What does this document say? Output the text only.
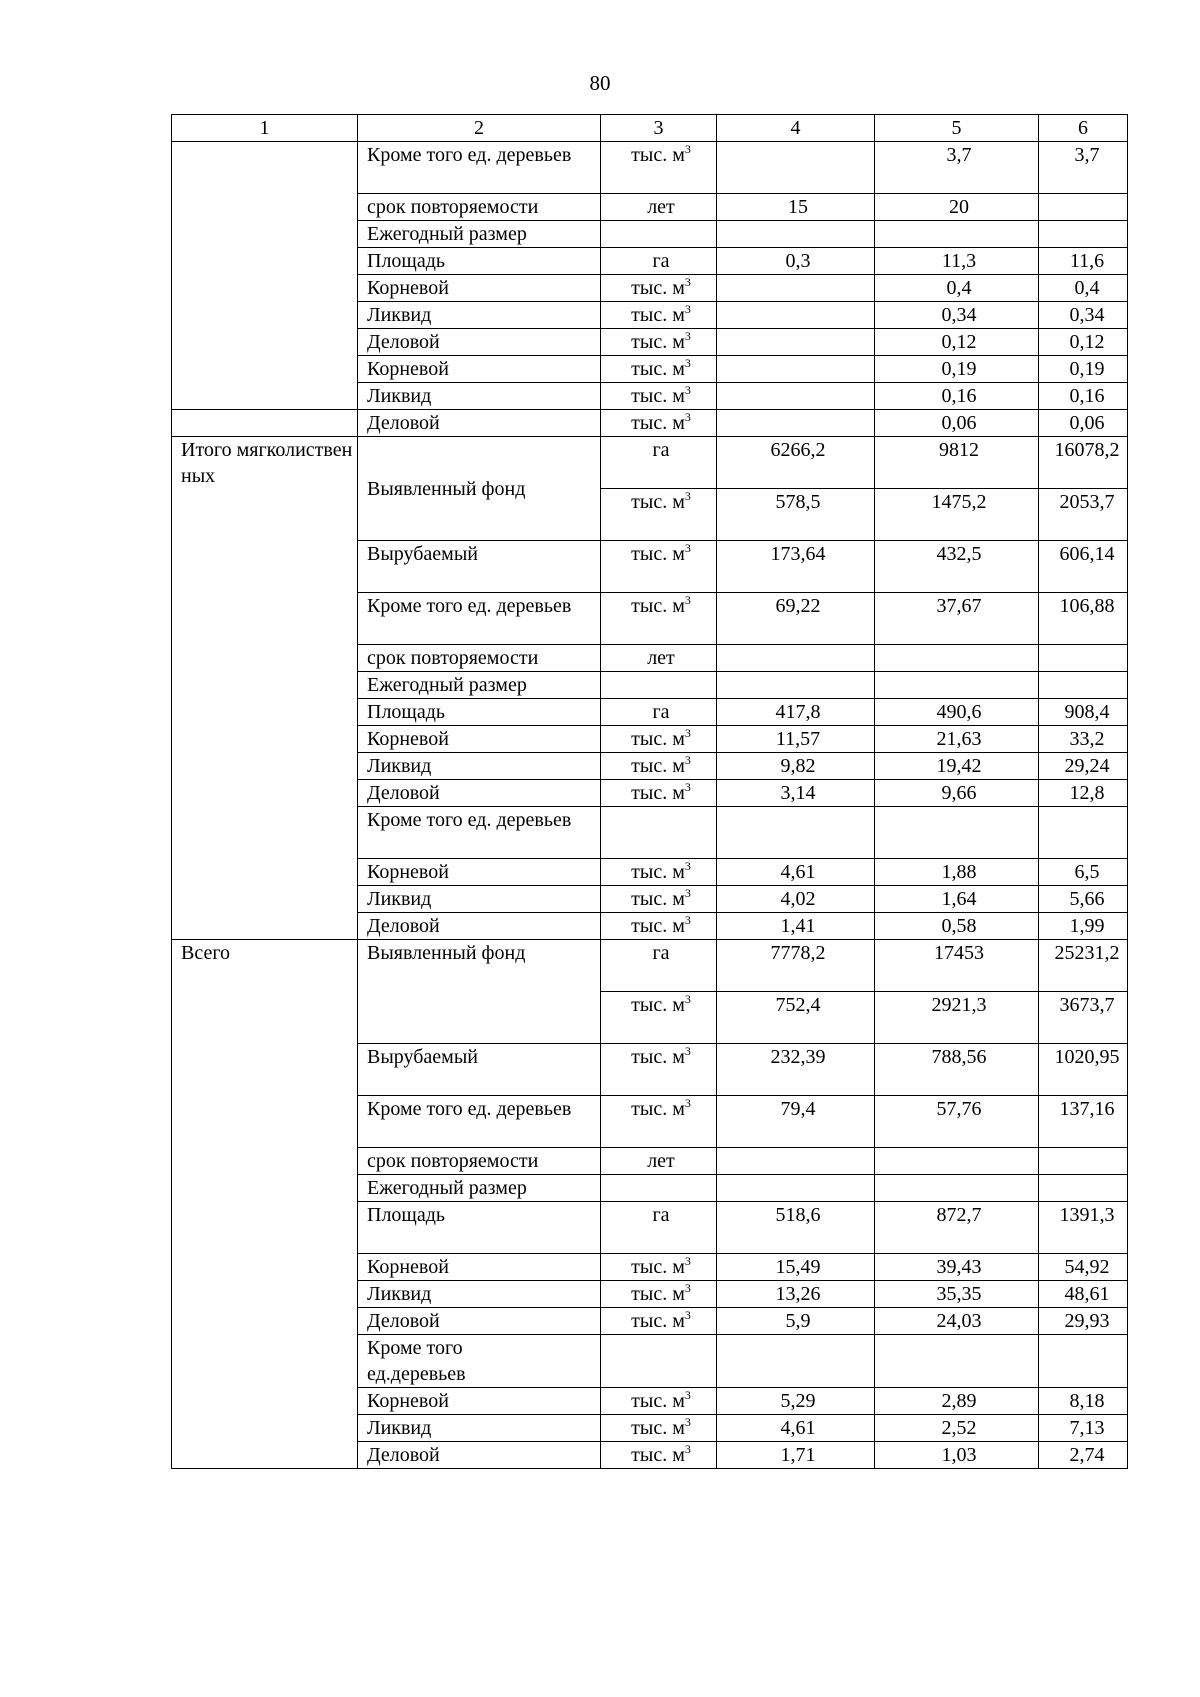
80
1	2	3	4	5	6
	Кроме того ед. деревьев	тыс. $м^3$		3,7	3,7
	срок повторяемости	лет	15	20	
	Ежегодный размер				
	Площадь	га	0,3	11,3	11,6
	Корневой	тыс. $м^3$		0,4	0,4
	Ликвид	тыс. $м^3$		0,34	0,34
	Деловой	тыс. $м^3$		0,12	0,12
	Корневой	тыс. $м^3$		0,19	0,19
	Ликвид	тыс. $м^3$		0,16	0,16
	Деловой	тыс. $м^3$		0,06	0,06
Итого мягколиственных	Выявленный фонд	га	6266,2	9812	16078,2
		тыс. $м^3$	578,5	1475,2	2053,7
	Вырубаемый	тыс. $м^3$	173,64	432,5	606,14
	Кроме того ед. деревьев	тыс. $м^3$	69,22	37,67	106,88
	срок повторяемости	лет			
	Ежегодный размер				
	Площадь	га	417,8	490,6	908,4
	Корневой	тыс. $м^3$	11,57	21,63	33,2
	Ликвид	тыс. $м^3$	9,82	19,42	29,24
	Деловой	тыс. $м^3$	3,14	9,66	12,8
	Кроме того ед. деревьев				
	Корневой	тыс. $м^3$	4,61	1,88	6,5
	Ликвид	тыс. $м^3$	4,02	1,64	5,66
	Деловой	тыс. $м^3$	1,41	0,58	1,99
Всего	Выявленный фонд	га	7778,2	17453	25231,2
		тыс. $м^3$	752,4	2921,3	3673,7
	Вырубаемый	тыс. $м^3$	232,39	788,56	1020,95
	Кроме того ед. деревьев	тыс. $м^3$	79,4	57,76	137,16
	срок повторяемости	лет			
	Ежегодный размер				
	Площадь	га	518,6	872,7	1391,3
	Корневой	тыс. $м^3$	15,49	39,43	54,92
	Ликвид	тыс. $м^3$	13,26	35,35	48,61
	Деловой	тыс. $м^3$	5,9	24,03	29,93
	Кроме того ед.деревьев				
	Корневой	тыс. $м^3$	5,29	2,89	8,18
	Ликвид	тыс. $м^3$	4,61	2,52	7,13
	Деловой	тыс. $м^3$	1,71	1,03	2,74
